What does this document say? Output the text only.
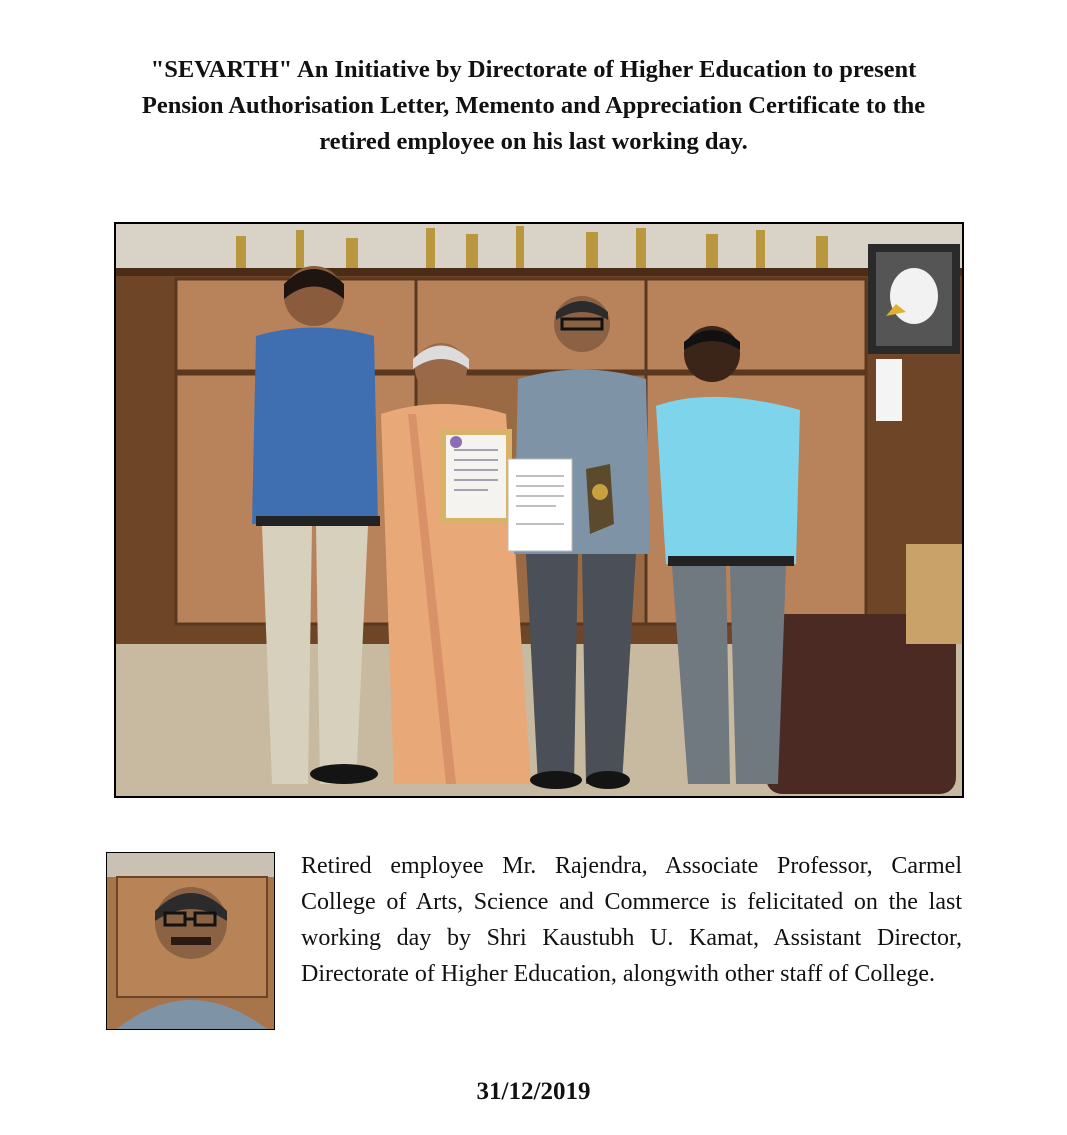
"SEVARTH" An Initiative by Directorate of Higher Education to present
Pension Authorisation Letter, Memento and Appreciation Certificate to the
retired employee on his last working day.
Retired employee Mr. Rajendra, Associate Professor, Carmel College of Arts, Science and Commerce is felicitated on the last working day by Shri Kaustubh U. Kamat, Assistant Director, Directorate of Higher Education, alongwith other staff of College.
31/12/2019
